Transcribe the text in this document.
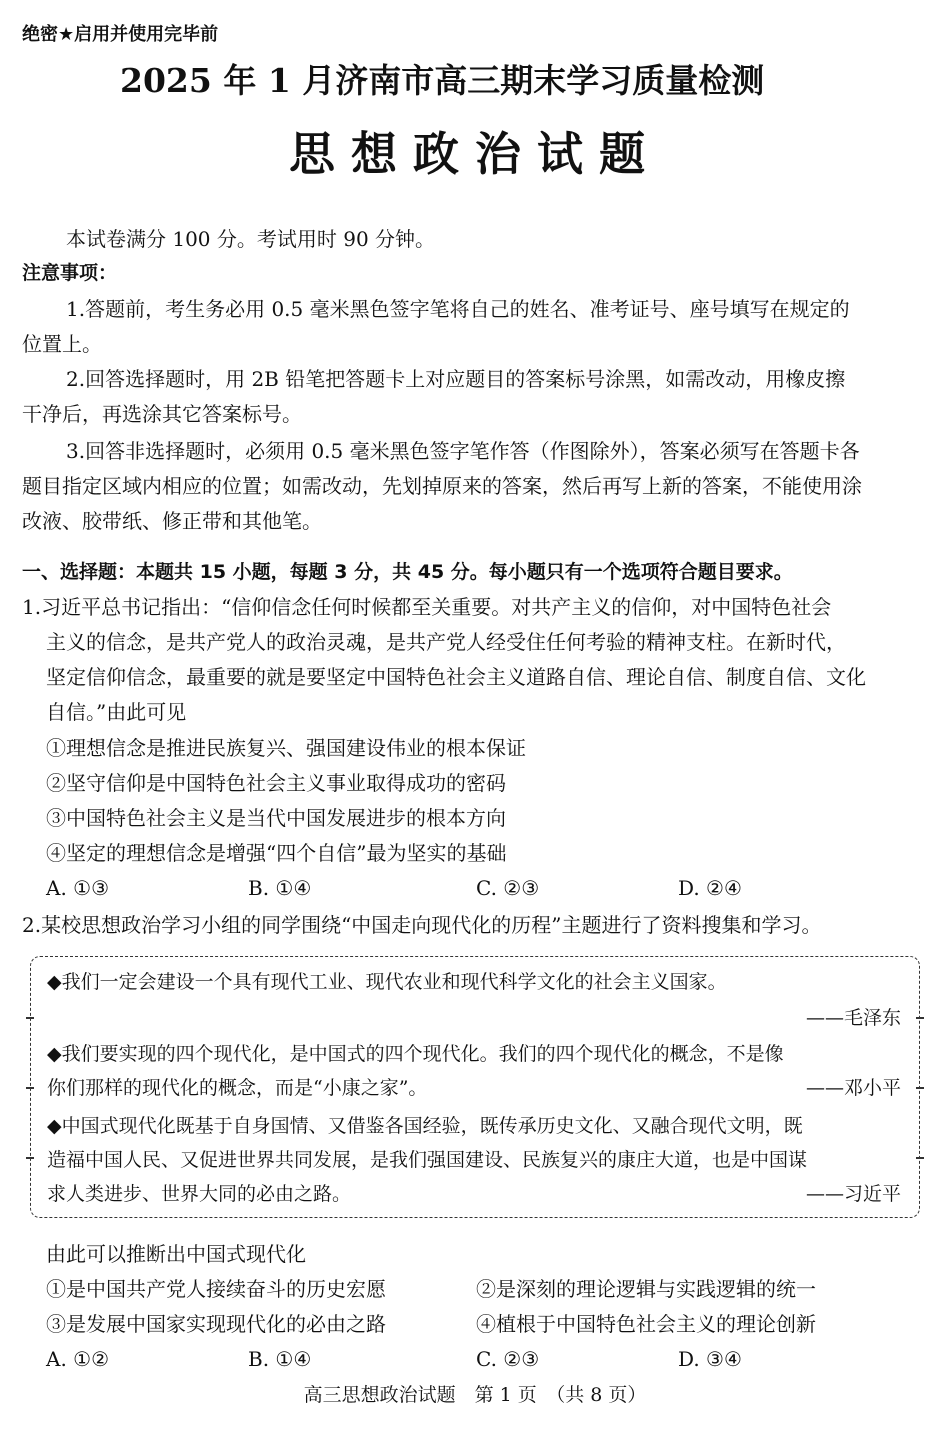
绝密★启用并使用完毕前
2025 年 1 月济南市高三期末学习质量检测
思想政治试题
本试卷满分 100 分。考试用时 90 分钟。
注意事项：
1.答题前，考生务必用 0.5 毫米黑色签字笔将自己的姓名、准考证号、座号填写在规定的
位置上。
2.回答选择题时，用 2B 铅笔把答题卡上对应题目的答案标号涂黑，如需改动，用橡皮擦
干净后，再选涂其它答案标号。
3.回答非选择题时，必须用 0.5 毫米黑色签字笔作答（作图除外），答案必须写在答题卡各
题目指定区域内相应的位置；如需改动，先划掉原来的答案，然后再写上新的答案，不能使用涂
改液、胶带纸、修正带和其他笔。
一、选择题：本题共 15 小题，每题 3 分，共 45 分。每小题只有一个选项符合题目要求。
1.习近平总书记指出：“信仰信念任何时候都至关重要。对共产主义的信仰，对中国特色社会
主义的信念，是共产党人的政治灵魂，是共产党人经受住任何考验的精神支柱。在新时代，
坚定信仰信念，最重要的就是要坚定中国特色社会主义道路自信、理论自信、制度自信、文化
自信。”由此可见
①理想信念是推进民族复兴、强国建设伟业的根本保证
②坚守信仰是中国特色社会主义事业取得成功的密码
③中国特色社会主义是当代中国发展进步的根本方向
④坚定的理想信念是增强“四个自信”最为坚实的基础
A. ①③	B. ①④	C. ②③	D. ②④
2.某校思想政治学习小组的同学围绕“中国走向现代化的历程”主题进行了资料搜集和学习。
◆我们一定会建设一个具有现代工业、现代农业和现代科学文化的社会主义国家。
——毛泽东
◆我们要实现的四个现代化，是中国式的四个现代化。我们的四个现代化的概念，不是像
你们那样的现代化的概念，而是“小康之家”。	——邓小平
◆中国式现代化既基于自身国情、又借鉴各国经验，既传承历史文化、又融合现代文明，既
造福中国人民、又促进世界共同发展，是我们强国建设、民族复兴的康庄大道，也是中国谋
求人类进步、世界大同的必由之路。	——习近平
由此可以推断出中国式现代化
①是中国共产党人接续奋斗的历史宏愿	②是深刻的理论逻辑与实践逻辑的统一
③是发展中国家实现现代化的必由之路	④植根于中国特色社会主义的理论创新
A. ①②	B. ①④	C. ②③	D. ③④
高三思想政治试题　第 1 页　（共 8 页）
